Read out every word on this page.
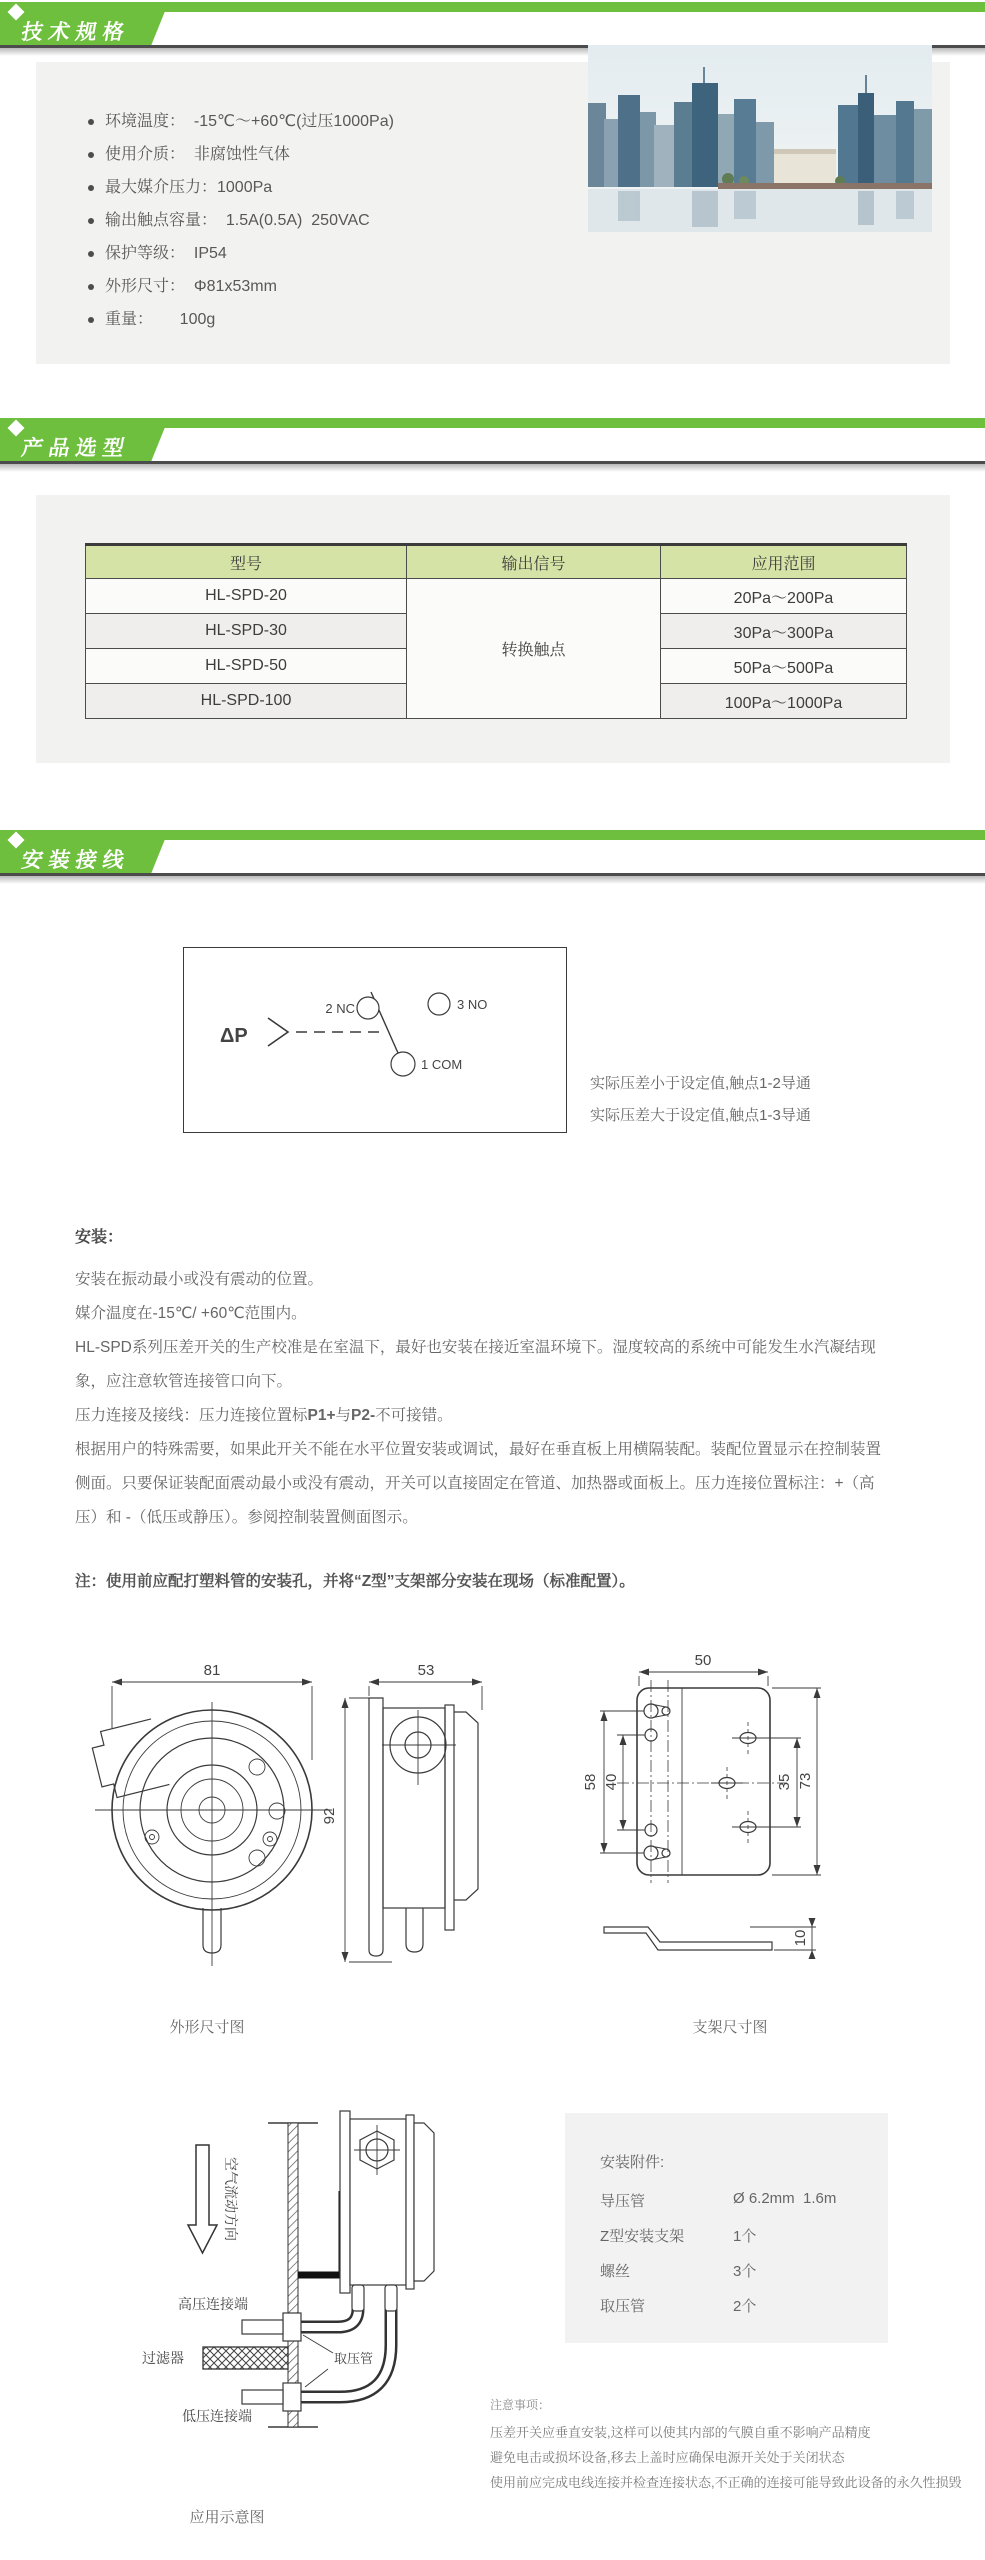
技术规格
环境温度：  -15℃～+60℃(过压1000Pa)
使用介质：  非腐蚀性气体
最大媒介压力：1000Pa
输出触点容量：  1.5A(0.5A)  250VAC
保护等级：  IP54
外形尺寸：  Φ81x53mm
重量：      100g
产品选型
型号	输出信号	应用范围
HL-SPD-20	转换触点	20Pa～200Pa
HL-SPD-30		30Pa～300Pa
HL-SPD-50		50Pa～500Pa
HL-SPD-100		100Pa～1000Pa
安装接线
ΔP
2 NC	3 NO
1 COM
实际压差小于设定值,触点1-2导通
实际压差大于设定值,触点1-3导通
安装：

安装在振动最小或没有震动的位置。

媒介温度在-15℃/ +60℃范围内。

HL-SPD系列压差开关的生产校准是在室温下，最好也安装在接近室温环境下。湿度较高的系统中可能发生水汽凝结现

象，应注意软管连接管口向下。

压力连接及接线：压力连接位置标P1+与P2-不可接错。

根据用户的特殊需要，如果此开关不能在水平位置安装或调试，最好在垂直板上用横隔装配。装配位置显示在控制装置

侧面。只要保证装配面震动最小或没有震动，开关可以直接固定在管道、加热器或面板上。压力连接位置标注：+（高

压）和 -（低压或静压）。参阅控制装置侧面图示。

注：使用前应配打塑料管的安装孔，并将“Z型”支架部分安装在现场（标准配置）。

81	53
92
50
58 40	35 73
10
外形尺寸图	支架尺寸图
空气流动方向
高压连接端
过滤器	取压管
低压连接端
应用示意图
安装附件:
导压管	Ø 6.2mm  1.6m
Z型安装支架	1个
螺丝	3个
取压管	2个
注意事项：

压差开关应垂直安装,这样可以使其内部的气膜自重不影响产品精度

避免电击或损坏设备,移去上盖时应确保电源开关处于关闭状态

使用前应完成电线连接并检查连接状态,不正确的连接可能导致此设备的永久性损毁
